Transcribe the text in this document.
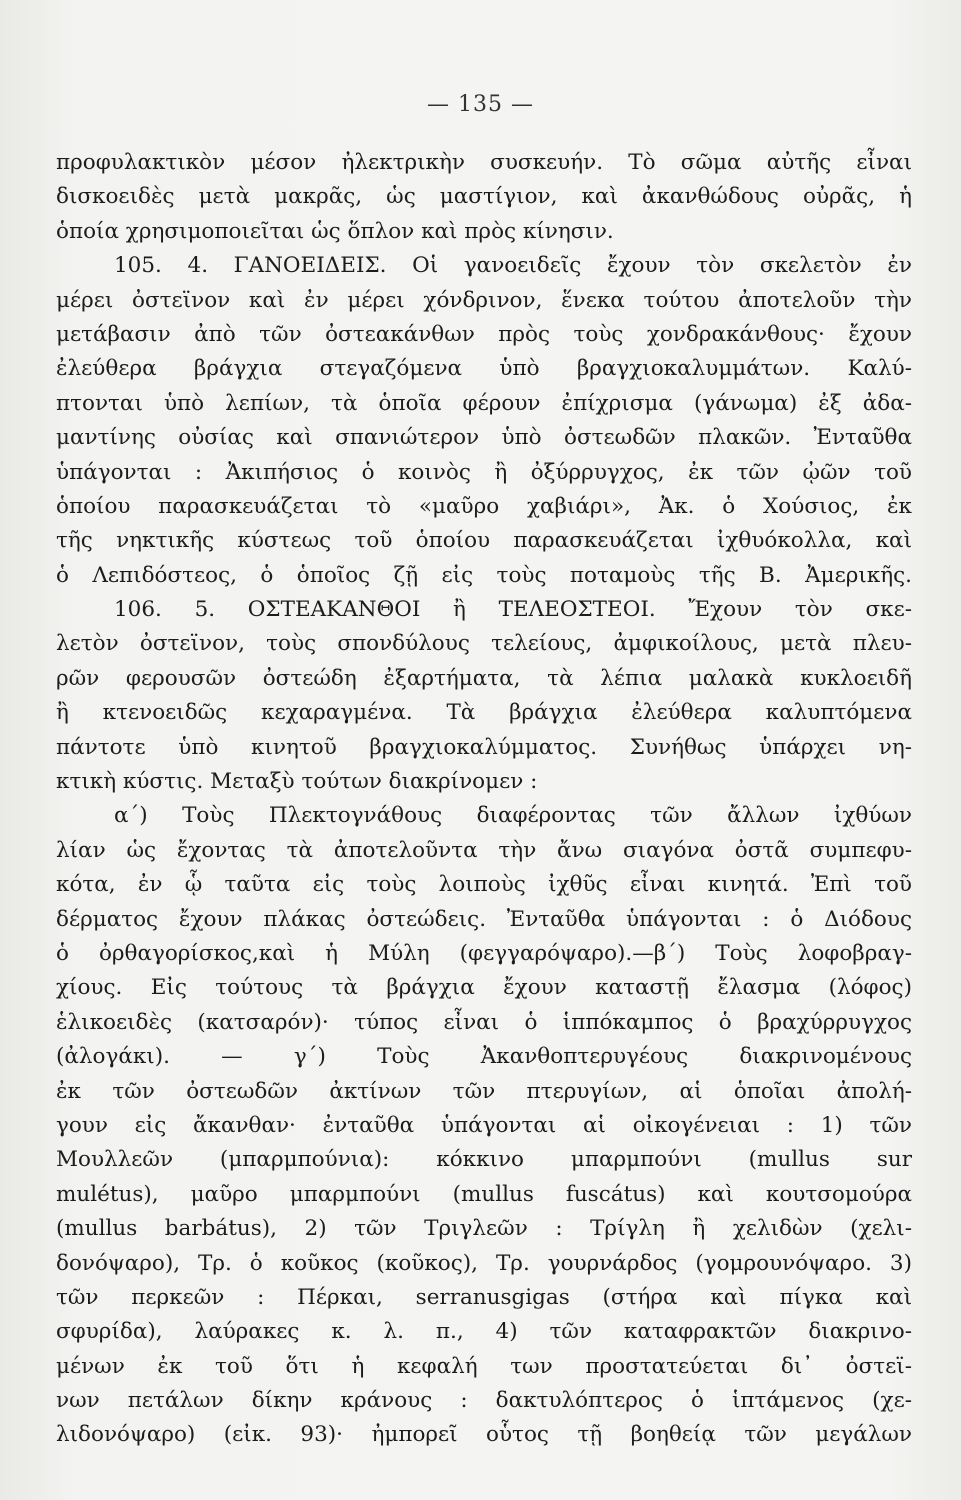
— 135 —
προφυλακτικὸν μέσον ἠλεκτρικὴν συσκευήν. Τὸ σῶμα αὐτῆς εἶναι
δισκοειδὲς μετὰ μακρᾶς, ὡς μαστίγιον, καὶ ἀκανθώδους οὐρᾶς, ἡ
ὁποία χρησιμοποιεῖται ὡς ὅπλον καὶ πρὸς κίνησιν.
105. 4. ΓΑΝΟΕΙΔΕΙΣ. Οἱ γανοειδεῖς ἔχουν τὸν σκελετὸν ἐν
μέρει ὀστεϊνον καὶ ἐν μέρει χόνδρινον, ἕνεκα τούτου ἀποτελοῦν τὴν
μετάβασιν ἀπὸ τῶν ὀστεακάνθων πρὸς τοὺς χονδρακάνθους· ἔχουν
ἐλεύθερα βράγχια στεγαζόμενα ὑπὸ βραγχιοκαλυμμάτων. Καλύ-
πτονται ὑπὸ λεπίων, τὰ ὁποῖα φέρουν ἐπίχρισμα (γάνωμα) ἐξ ἀδα-
μαντίνης οὐσίας καὶ σπανιώτερον ὑπὸ ὀστεωδῶν πλακῶν. Ἐνταῦθα
ὑπάγονται : Ἀκιπήσιος ὁ κοινὸς ἢ ὀξύρρυγχος, ἐκ τῶν ᾠῶν τοῦ
ὁποίου παρασκευάζεται τὸ «μαῦρο χαβιάρι», Ἀκ. ὁ Χούσιος, ἐκ
τῆς νηκτικῆς κύστεως τοῦ ὁποίου παρασκευάζεται ἰχθυόκολλα, καὶ
ὁ Λεπιδόστεος, ὁ ὁποῖος ζῇ εἰς τοὺς ποταμοὺς τῆς Β. Ἀμερικῆς.
106. 5. ΟΣΤΕΑΚΑΝΘΟΙ ἢ ΤΕΛΕΟΣΤΕΟΙ. Ἔχουν τὸν σκε-
λετὸν ὀστεϊνον, τοὺς σπονδύλους τελείους, ἀμφικοίλους, μετὰ πλευ-
ρῶν φερουσῶν ὀστεώδη ἐξαρτήματα, τὰ λέπια μαλακὰ κυκλοειδῆ
ἢ κτενοειδῶς κεχαραγμένα. Τὰ βράγχια ἐλεύθερα καλυπτόμενα
πάντοτε ὑπὸ κινητοῦ βραγχιοκαλύμματος. Συνήθως ὑπάρχει νη-
κτικὴ κύστις. Μεταξὺ τούτων διακρίνομεν :
α΄) Τοὺς Πλεκτογνάθους διαφέροντας τῶν ἄλλων ἰχθύων
λίαν ὡς ἔχοντας τὰ ἀποτελοῦντα τὴν ἄνω σιαγόνα ὀστᾶ συμπεφυ-
κότα, ἐν ᾧ ταῦτα εἰς τοὺς λοιποὺς ἰχθῦς εἶναι κινητά. Ἐπὶ τοῦ
δέρματος ἔχουν πλάκας ὀστεώδεις. Ἐνταῦθα ὑπάγονται : ὁ Διόδους
ὁ ὀρθαγορίσκος,καὶ ἡ Μύλη (φεγγαρόψαρο).—β΄) Τοὺς λοφοβραγ-
χίους. Εἰς τούτους τὰ βράγχια ἔχουν καταστῇ ἔλασμα (λόφος)
ἑλικοειδὲς (κατσαρόν)· τύπος εἶναι ὁ ἱππόκαμπος ὁ βραχύρρυγχος
(ἀλογάκι). — γ΄) Τοὺς Ἀκανθοπτερυγέους διακρινομένους
ἐκ τῶν ὀστεωδῶν ἀκτίνων τῶν πτερυγίων, αἱ ὁποῖαι ἀπολή-
γουν εἰς ἄκανθαν· ἐνταῦθα ὑπάγονται αἱ οἰκογένειαι : 1) τῶν
Μουλλεῶν (μπαρμπούνια): κόκκινο μπαρμπούνι (mullus sur
mulétus), μαῦρο μπαρμπούνι (mullus fuscátus) καὶ κουτσομούρα
(mullus barbátus), 2) τῶν Τριγλεῶν : Τρίγλη ἢ χελιδὼν (χελι-
δονόψαρο), Τρ. ὁ κοῦκος (κοῦκος), Τρ. γουρνάρδος (γομρουνόψαρο. 3)
τῶν περκεῶν : Πέρκαι, serranusgigas (στήρα καὶ πίγκα καὶ
σφυρίδα), λαύρακες κ. λ. π., 4) τῶν καταφρακτῶν διακρινο-
μένων ἐκ τοῦ ὅτι ἡ κεφαλή των προστατεύεται δι᾿ ὀστεϊ-
νων πετάλων δίκην κράνους : δακτυλόπτερος ὁ ἱπτάμενος (χε-
λιδονόψαρο) (εἰκ. 93)· ἠμπορεῖ οὗτος τῇ βοηθείᾳ τῶν μεγάλων
